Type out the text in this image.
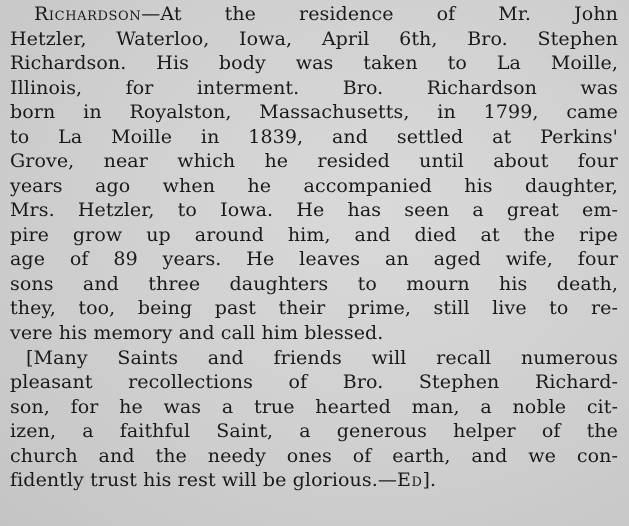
Richardson—At the residence of Mr. John
Hetzler, Waterloo, Iowa, April 6th, Bro. Stephen
Richardson. His body was taken to La Moille,
Illinois, for interment. Bro. Richardson was
born in Royalston, Massachusetts, in 1799, came
to La Moille in 1839, and settled at Perkins'
Grove, near which he resided until about four
years ago when he accompanied his daughter,
Mrs. Hetzler, to Iowa. He has seen a great em-
pire grow up around him, and died at the ripe
age of 89 years. He leaves an aged wife, four
sons and three daughters to mourn his death,
they, too, being past their prime, still live to re-
vere his memory and call him blessed.
[Many Saints and friends will recall numerous
pleasant recollections of Bro. Stephen Richard-
son, for he was a true hearted man, a noble cit-
izen, a faithful Saint, a generous helper of the
church and the needy ones of earth, and we con-
fidently trust his rest will be glorious.—Ed].
